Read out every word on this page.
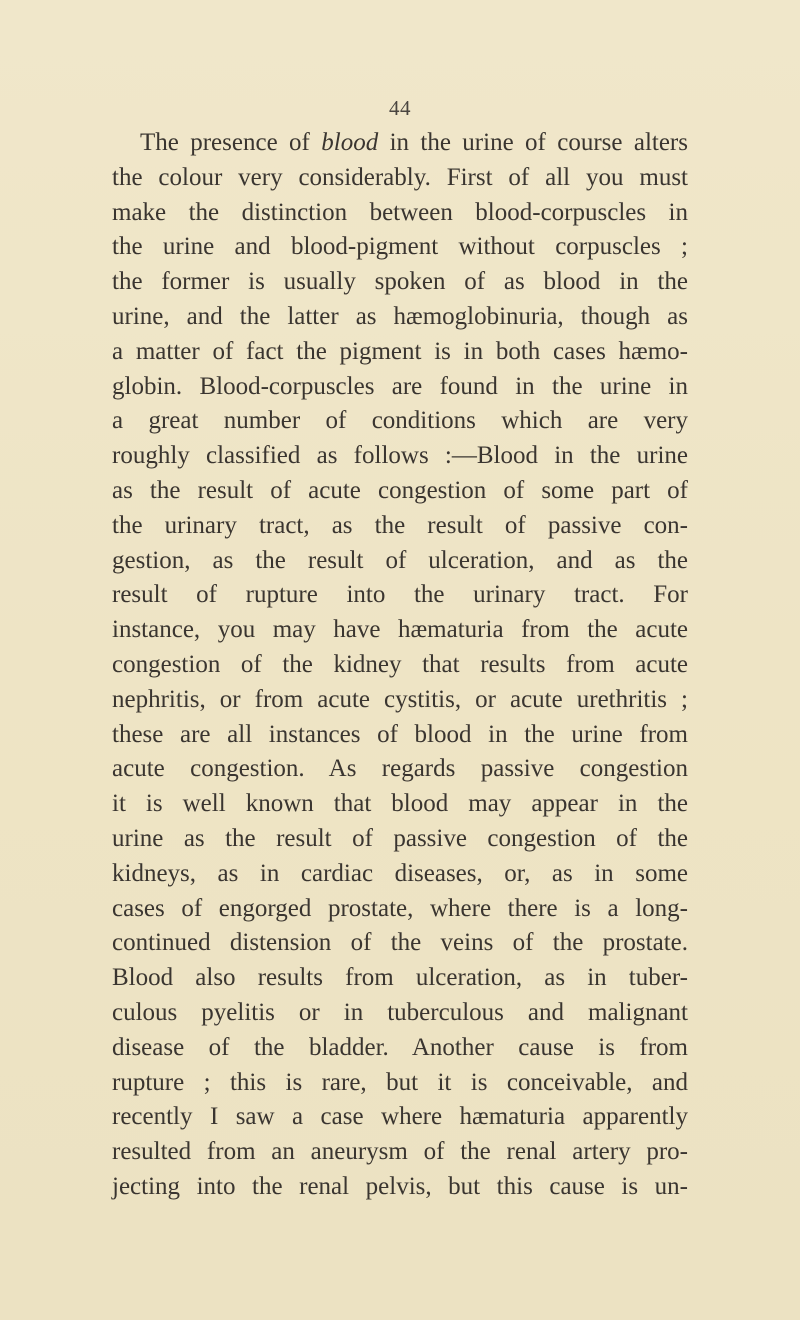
44
The presence of blood in the urine of course alters
the colour very considerably. First of all you must
make the distinction between blood-corpuscles in
the urine and blood-pigment without corpuscles ;
the former is usually spoken of as blood in the
urine, and the latter as hæmoglobinuria, though as
a matter of fact the pigment is in both cases hæmo-
globin. Blood-corpuscles are found in the urine in
a great number of conditions which are very
roughly classified as follows :—Blood in the urine
as the result of acute congestion of some part of
the urinary tract, as the result of passive con-
gestion, as the result of ulceration, and as the
result of rupture into the urinary tract. For
instance, you may have hæmaturia from the acute
congestion of the kidney that results from acute
nephritis, or from acute cystitis, or acute urethritis ;
these are all instances of blood in the urine from
acute congestion. As regards passive congestion
it is well known that blood may appear in the
urine as the result of passive congestion of the
kidneys, as in cardiac diseases, or, as in some
cases of engorged prostate, where there is a long-
continued distension of the veins of the prostate.
Blood also results from ulceration, as in tuber-
culous pyelitis or in tuberculous and malignant
disease of the bladder. Another cause is from
rupture ; this is rare, but it is conceivable, and
recently I saw a case where hæmaturia apparently
resulted from an aneurysm of the renal artery pro-
jecting into the renal pelvis, but this cause is un-
